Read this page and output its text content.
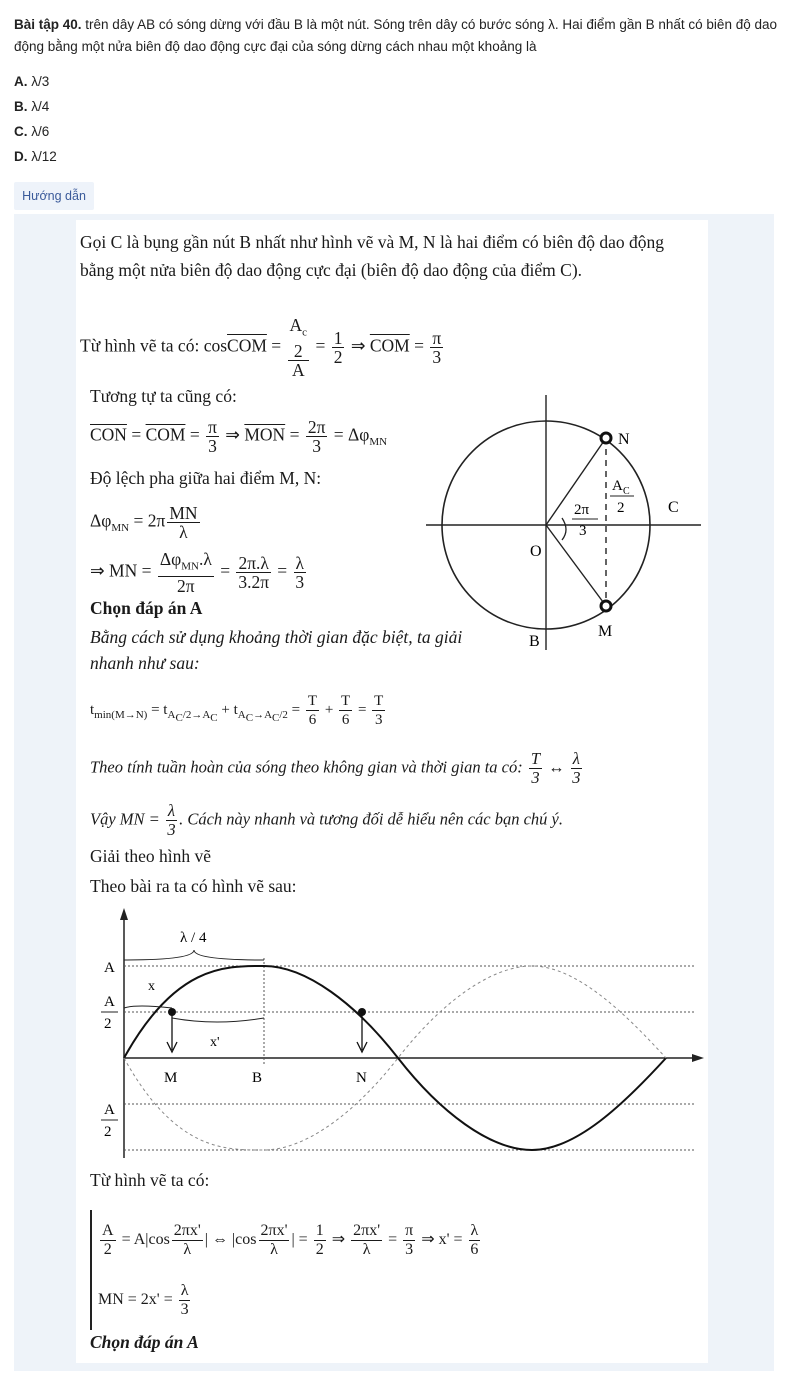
Bài tập 40. trên dây AB có sóng dừng với đầu B là một nút. Sóng trên dây có bước sóng λ. Hai điểm gần B nhất có biên độ dao động bằng một nửa biên độ dao động cực đại của sóng dừng cách nhau một khoảng là
A. λ/3
B. λ/4
C. λ/6
D. λ/12
Hướng dẫn
Gọi C là bụng gần nút B nhất như hình vẽ và M, N là hai điểm có biên độ dao động bằng một nửa biên độ dao động cực đại (biên độ dao động của điểm C).
Từ hình vẽ ta có: $\cos\overline{COM}$ =
$A_c$
2
A
= $\frac{1}{2}$ ⇒ $\overline{COM} = \frac{\pi}{3}$
Tương tự ta cũng có:
$\overline{CON} = \overline{COM} = \frac{\pi}{3}$ ⇒ $\overline{MON} = \frac{2\pi}{3} = \Delta\varphi_{MN}$
Độ lệch pha giữa hai điểm M, N:
$\Delta\varphi_{MN} = 2\pi \frac{MN}{\lambda}$
⇒ MN = $\frac{\Delta\varphi_{MN}.\lambda}{2\pi} = \frac{2\pi.\lambda}{3.2\pi} = \frac{\lambda}{3}$
Chọn đáp án A
Bằng cách sử dụng khoảng thời gian đặc biệt, ta giải nhanh như sau:
$t_{min(M\to N)} = t_{A_C/2\to A_C} + t_{A_C\to A_C/2} = \frac{T}{6} + \frac{T}{6} = \frac{T}{3}$
Theo tính tuần hoàn của sóng theo không gian và thời gian ta có: $\frac{T}{3}$ ↔ $\frac{\lambda}{3}$
Vậy MN = $\frac{\lambda}{3}$ . Cách này nhanh và tương đối dễ hiểu nên các bạn chú ý.
Giải theo hình vẽ
Theo bài ra ta có hình vẽ sau:
N
M
C
O
B
A C
2
2π
3
λ / 4
A
A
2
A
2
x
x'
M	B	N
Từ hình vẽ ta có:
$\frac{A}{2} = A|\cos \frac{2\pi x'}{\lambda}$ | ⇔ $|\cos \frac{2\pi x'}{\lambda}$ | = $\frac{1}{2}$ ⇒ $\frac{2\pi x'}{\lambda} = \frac{\pi}{3}$ ⇒ $x' = \frac{\lambda}{6}$
MN = $2x' = \frac{\lambda}{3}$
Chọn đáp án A
